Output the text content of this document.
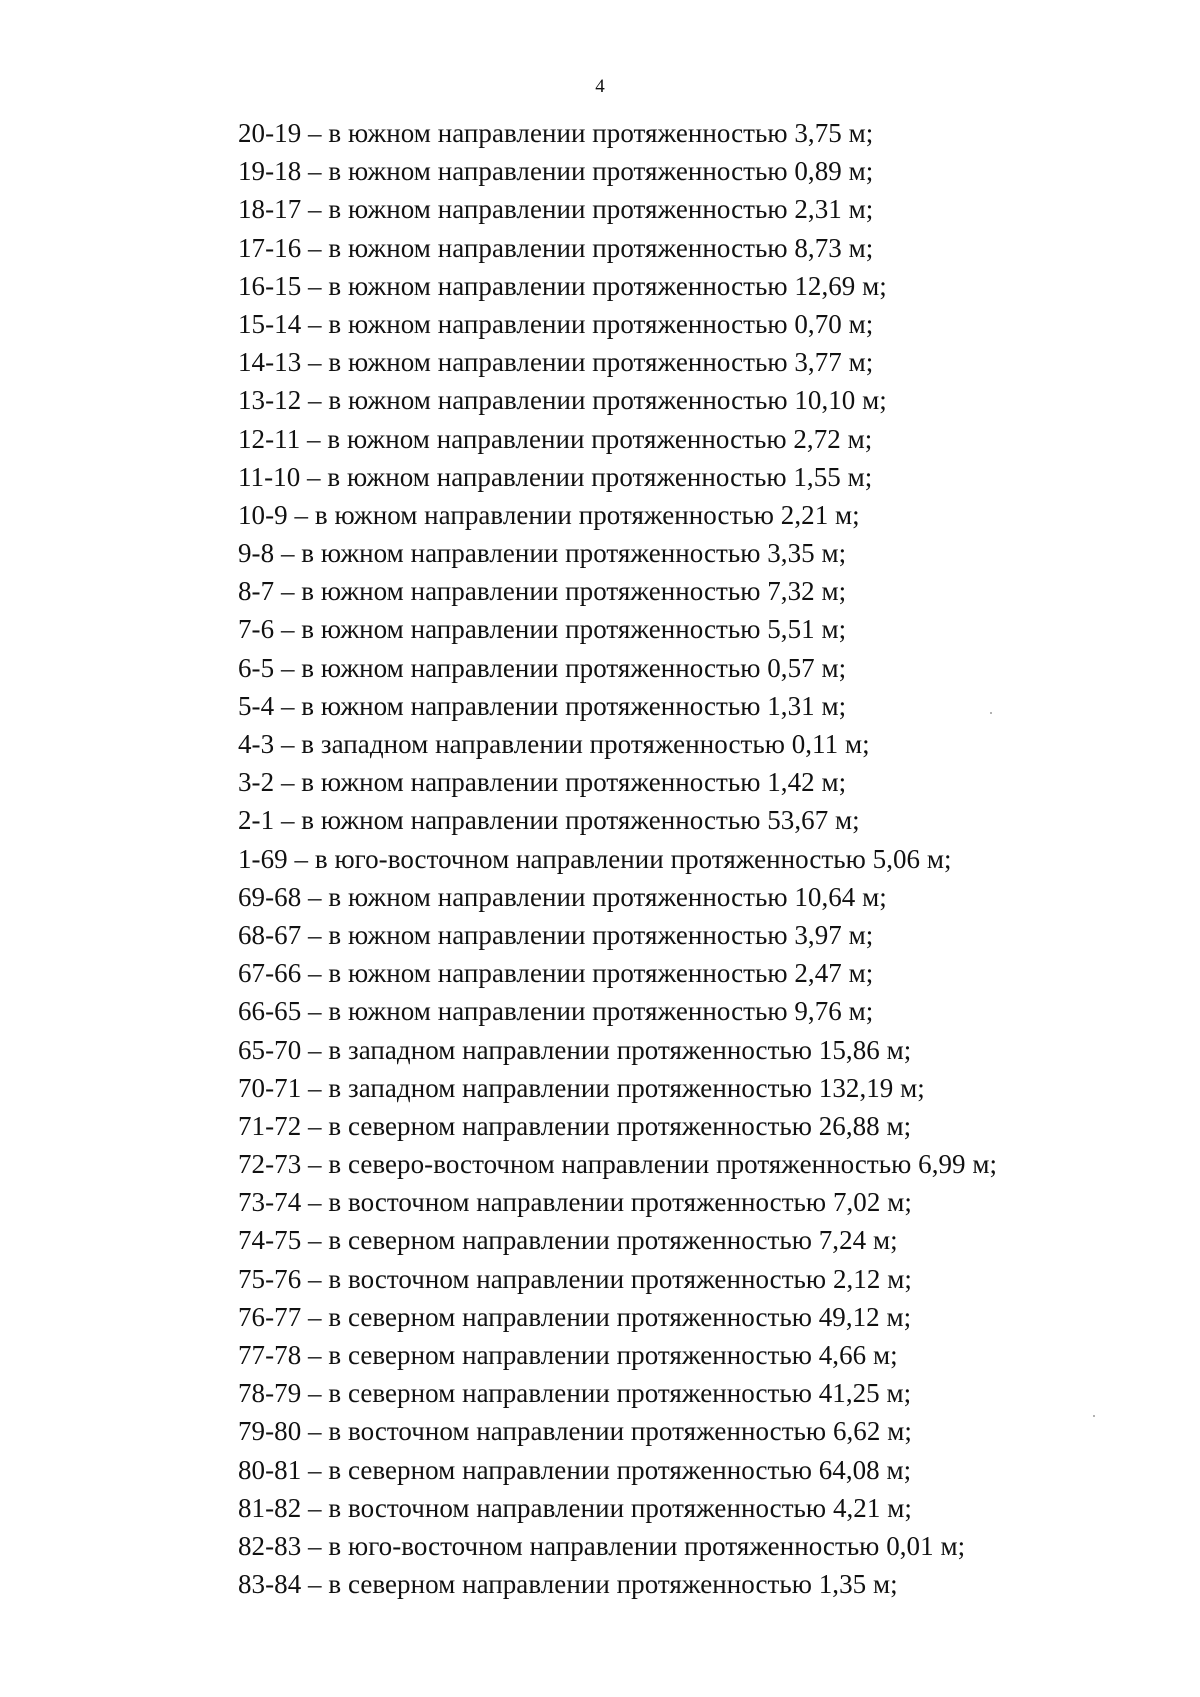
4
20-19 – в южном направлении протяженностью 3,75 м;
19-18 – в южном направлении протяженностью 0,89 м;
18-17 – в южном направлении протяженностью 2,31 м;
17-16 – в южном направлении протяженностью 8,73 м;
16-15 – в южном направлении протяженностью 12,69 м;
15-14 – в южном направлении протяженностью 0,70 м;
14-13 – в южном направлении протяженностью 3,77 м;
13-12 – в южном направлении протяженностью 10,10 м;
12-11 – в южном направлении протяженностью 2,72 м;
11-10 – в южном направлении протяженностью 1,55 м;
10-9 – в южном направлении протяженностью 2,21 м;
9-8 – в южном направлении протяженностью 3,35 м;
8-7 – в южном направлении протяженностью 7,32 м;
7-6 – в южном направлении протяженностью 5,51 м;
6-5 – в южном направлении протяженностью 0,57 м;
5-4 – в южном направлении протяженностью 1,31 м;
4-3 – в западном направлении протяженностью 0,11 м;
3-2 – в южном направлении протяженностью 1,42 м;
2-1 – в южном направлении протяженностью 53,67 м;
1-69 – в юго-восточном направлении протяженностью 5,06 м;
69-68 – в южном направлении протяженностью 10,64 м;
68-67 – в южном направлении протяженностью 3,97 м;
67-66 – в южном направлении протяженностью 2,47 м;
66-65 – в южном направлении протяженностью 9,76 м;
65-70 – в западном направлении протяженностью 15,86 м;
70-71 – в западном направлении протяженностью 132,19 м;
71-72 – в северном направлении протяженностью 26,88 м;
72-73 – в северо-восточном направлении протяженностью 6,99 м;
73-74 – в восточном направлении протяженностью 7,02 м;
74-75 – в северном направлении протяженностью 7,24 м;
75-76 – в восточном направлении протяженностью 2,12 м;
76-77 – в северном направлении протяженностью 49,12 м;
77-78 – в северном направлении протяженностью 4,66 м;
78-79 – в северном направлении протяженностью 41,25 м;
79-80 – в восточном направлении протяженностью 6,62 м;
80-81 – в северном направлении протяженностью 64,08 м;
81-82 – в восточном направлении протяженностью 4,21 м;
82-83 – в юго-восточном направлении протяженностью 0,01 м;
83-84 – в северном направлении протяженностью 1,35 м;
